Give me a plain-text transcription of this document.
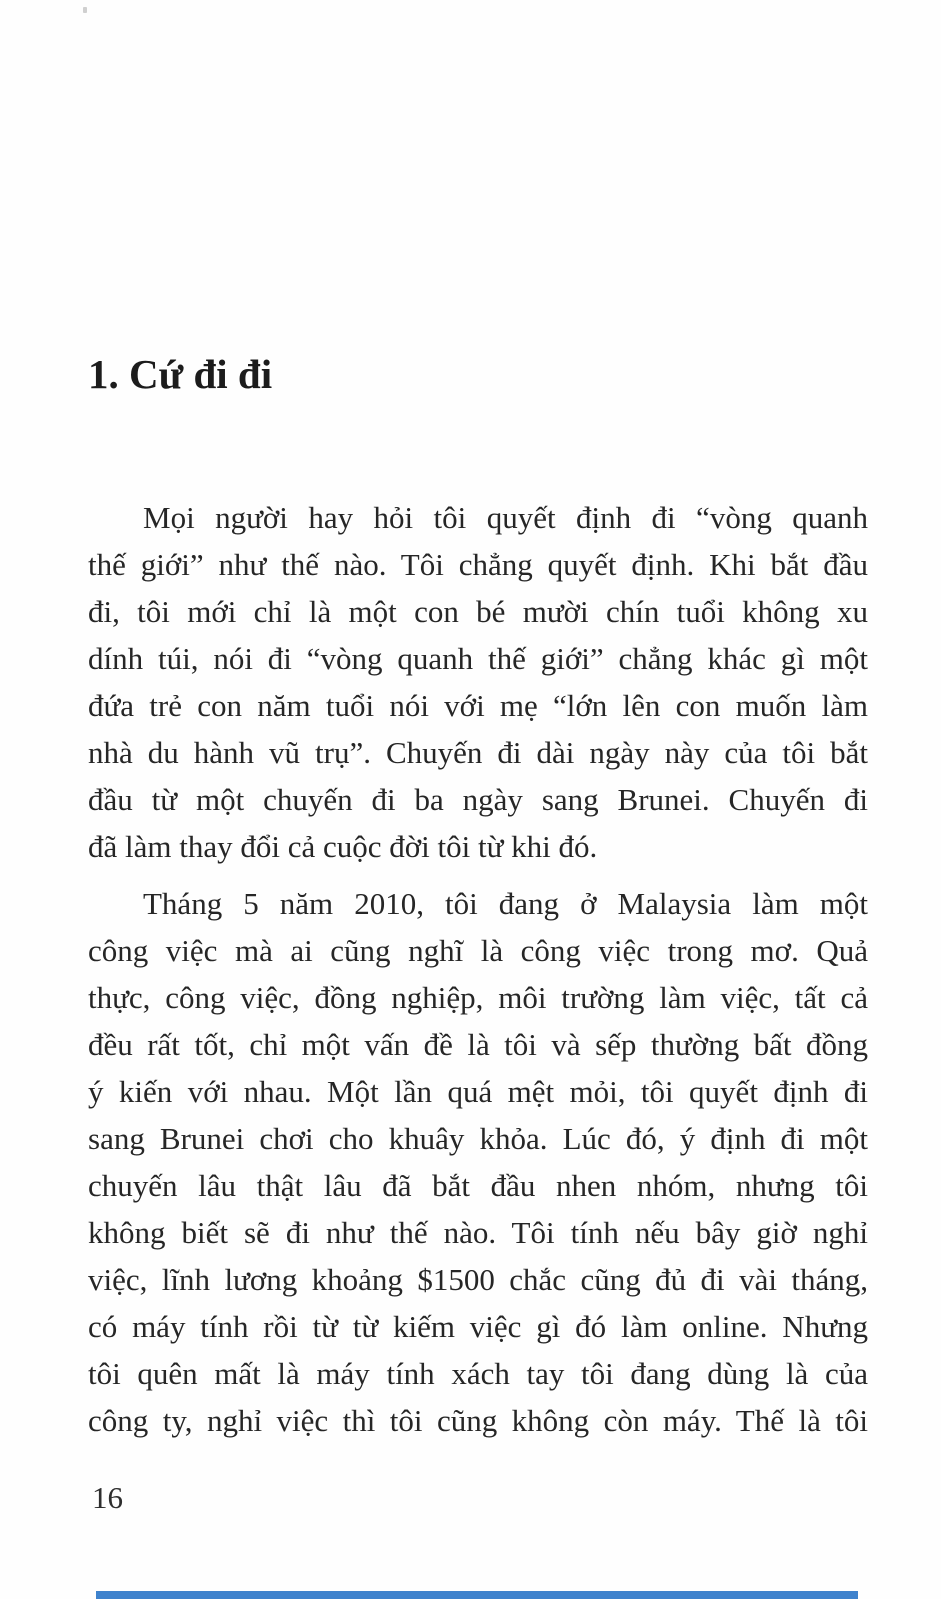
1. Cứ đi đi
Mọi người hay hỏi tôi quyết định đi “vòng quanh
thế giới” như thế nào. Tôi chẳng quyết định. Khi bắt đầu
đi, tôi mới chỉ là một con bé mười chín tuổi không xu
dính túi, nói đi “vòng quanh thế giới” chẳng khác gì một
đứa trẻ con năm tuổi nói với mẹ “lớn lên con muốn làm
nhà du hành vũ trụ”. Chuyến đi dài ngày này của tôi bắt
đầu từ một chuyến đi ba ngày sang Brunei. Chuyến đi
đã làm thay đổi cả cuộc đời tôi từ khi đó.
Tháng 5 năm 2010, tôi đang ở Malaysia làm một
công việc mà ai cũng nghĩ là công việc trong mơ. Quả
thực, công việc, đồng nghiệp, môi trường làm việc, tất cả
đều rất tốt, chỉ một vấn đề là tôi và sếp thường bất đồng
ý kiến với nhau. Một lần quá mệt mỏi, tôi quyết định đi
sang Brunei chơi cho khuây khỏa. Lúc đó, ý định đi một
chuyến lâu thật lâu đã bắt đầu nhen nhóm, nhưng tôi
không biết sẽ đi như thế nào. Tôi tính nếu bây giờ nghỉ
việc, lĩnh lương khoảng $1500 chắc cũng đủ đi vài tháng,
có máy tính rồi từ từ kiếm việc gì đó làm online. Nhưng
tôi quên mất là máy tính xách tay tôi đang dùng là của
công ty, nghỉ việc thì tôi cũng không còn máy. Thế là tôi
16
